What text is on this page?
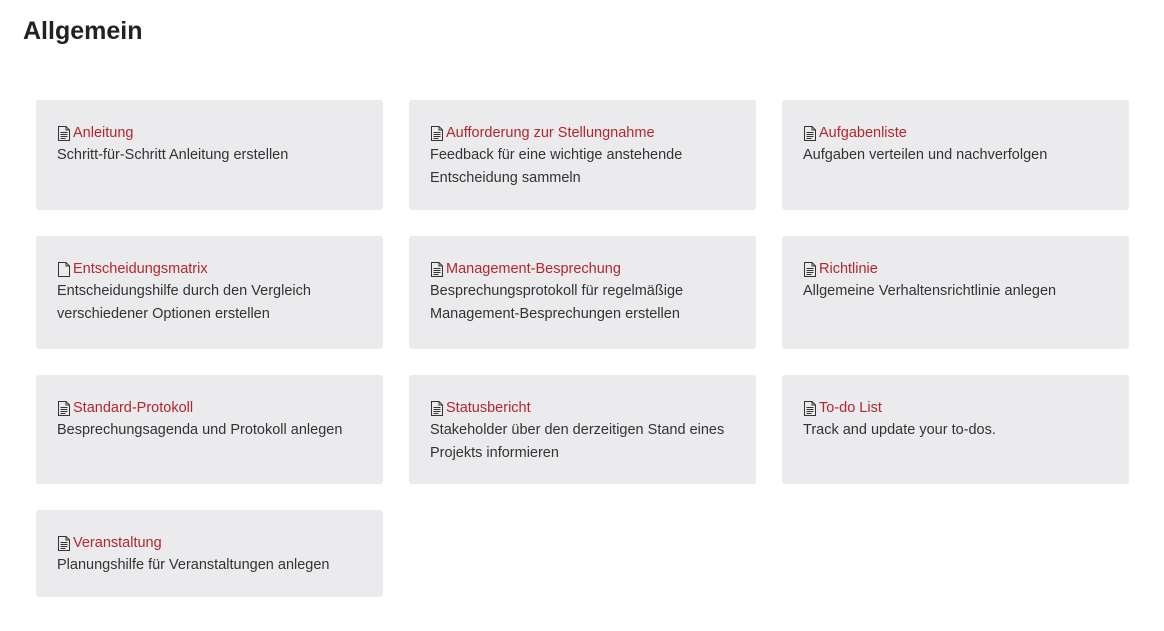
Allgemein
Anleitung
Schritt-für-Schritt Anleitung erstellen
Aufforderung zur Stellungnahme
Feedback für eine wichtige anstehende Entscheidung sammeln
Aufgabenliste
Aufgaben verteilen und nachverfolgen
Entscheidungsmatrix
Entscheidungshilfe durch den Vergleich verschiedener Optionen erstellen
Management-Besprechung
Besprechungsprotokoll für regelmäßige Management-Besprechungen erstellen
Richtlinie
Allgemeine Verhaltensrichtlinie anlegen
Standard-Protokoll
Besprechungsagenda und Protokoll anlegen
Statusbericht
Stakeholder über den derzeitigen Stand eines Projekts informieren
To-do List
Track and update your to-dos.
Veranstaltung
Planungshilfe für Veranstaltungen anlegen
